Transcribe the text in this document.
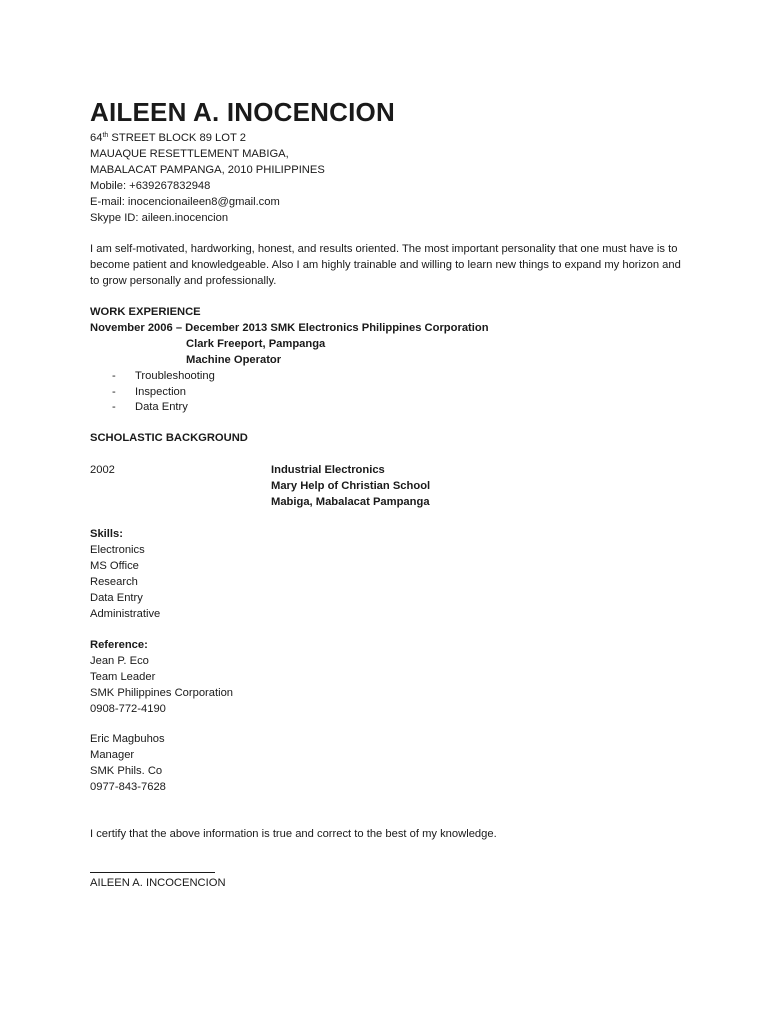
AILEEN A. INOCENCION
64th STREET BLOCK 89 LOT 2
MAUAQUE RESETTLEMENT MABIGA,
MABALACAT PAMPANGA, 2010 PHILIPPINES
Mobile: +639267832948
E-mail: inocencionaileen8@gmail.com
Skype ID: aileen.inocencion
I am self-motivated, hardworking, honest, and results oriented. The most important personality that one must have is to become patient and knowledgeable. Also I am highly trainable and willing to learn new things to expand my horizon and to grow personally and professionally.
WORK EXPERIENCE
November 2006 – December 2013 SMK Electronics Philippines Corporation
Clark Freeport, Pampanga
Machine Operator
- Troubleshooting
- Inspection
- Data Entry
SCHOLASTIC BACKGROUND
2002	Industrial Electronics
Mary Help of Christian School
Mabiga, Mabalacat Pampanga
Skills:
Electronics
MS Office
Research
Data Entry
Administrative
Reference:
Jean P. Eco
Team Leader
SMK Philippines Corporation
0908-772-4190
Eric Magbuhos
Manager
SMK Phils. Co
0977-843-7628
I certify that the above information is true and correct to the best of my knowledge.
AILEEN A. INCOCENCION
